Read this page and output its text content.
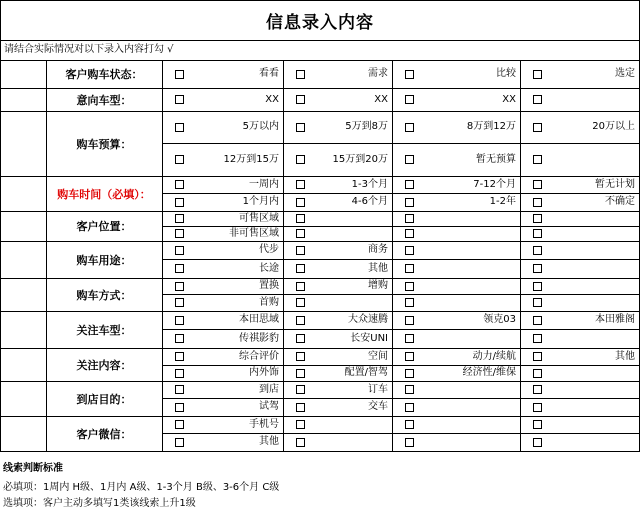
信息录入内容
请结合实际情况对以下录入内容打勾 √
客户购车状态：	看看	需求	比较	选定
意向车型：	XX	XX	XX
购车预算：
5万以内	5万到8万	8万到12万	20万以上
12万到15万	15万到20万	暂无预算
购车时间（必填）：
一周内	1-3个月	7-12个月	暂无计划
1个月内	4-6个月	1-2年	不确定
客户位置：
可售区域
非可售区域
购车用途：
代步	商务
长途	其他
购车方式：
置换	增购
首购
关注车型：
本田思域	大众速腾	领克03	本田雅阁
传祺影豹	长安UNI
关注内容：
综合评价	空间	动力/续航	其他
内外饰	配置/智驾	经济性/维保
到店目的：
到店	订车
试驾	交车
客户微信：
手机号
其他
线索判断标准
必填项：1周内 H级、1月内 A级、1-3个月 B级、3-6个月 C级
选填项：客户主动多填写1类该线索上升1级
